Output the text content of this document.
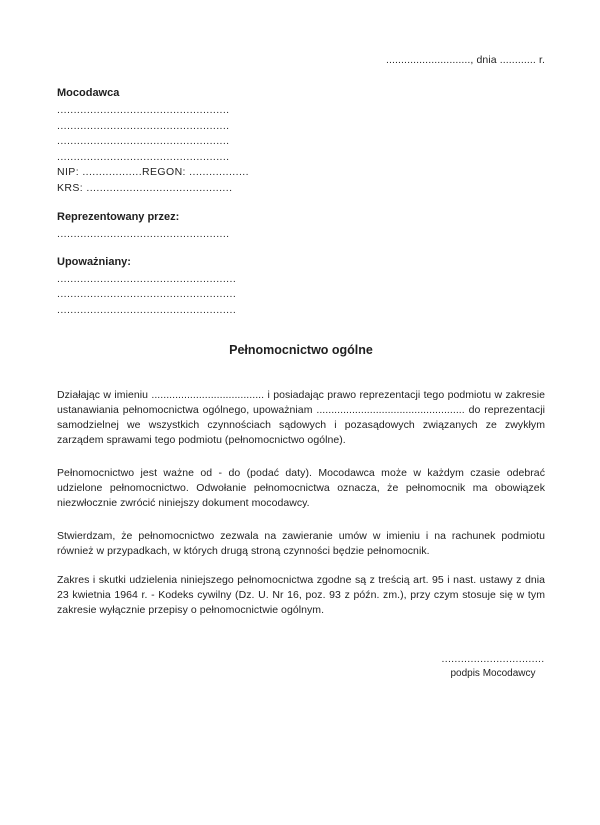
............................, dnia ............ r.
Mocodawca
....................................................
....................................................
....................................................
....................................................
NIP: ..................REGON: ..................
KRS: ............................................
Reprezentowany przez:
....................................................
Upoważniany:
......................................................
......................................................
......................................................
Pełnomocnictwo ogólne
Działając w imieniu ...................................... i posiadając prawo reprezentacji tego podmiotu w zakresie ustanawiania pełnomocnictwa ogólnego, upoważniam .................................................. do reprezentacji samodzielnej we wszystkich czynnościach sądowych i pozasądowych związanych ze zwykłym zarządem sprawami tego podmiotu (pełnomocnictwo ogólne).
Pełnomocnictwo jest ważne od - do (podać daty). Mocodawca może w każdym czasie odebrać udzielone pełnomocnictwo. Odwołanie pełnomocnictwa oznacza, że pełnomocnik ma obowiązek niezwłocznie zwrócić niniejszy dokument mocodawcy.
Stwierdzam, że pełnomocnictwo zezwala na zawieranie umów w imieniu i na rachunek podmiotu również w przypadkach, w których drugą stroną czynności będzie pełnomocnik.
Zakres i skutki udzielenia niniejszego pełnomocnictwa zgodne są z treścią art. 95 i nast. ustawy z dnia 23 kwietnia 1964 r. - Kodeks cywilny (Dz. U. Nr 16, poz. 93 z późn. zm.), przy czym stosuje się w tym zakresie wyłącznie przepisy o pełnomocnictwie ogólnym.
................................
podpis Mocodawcy
